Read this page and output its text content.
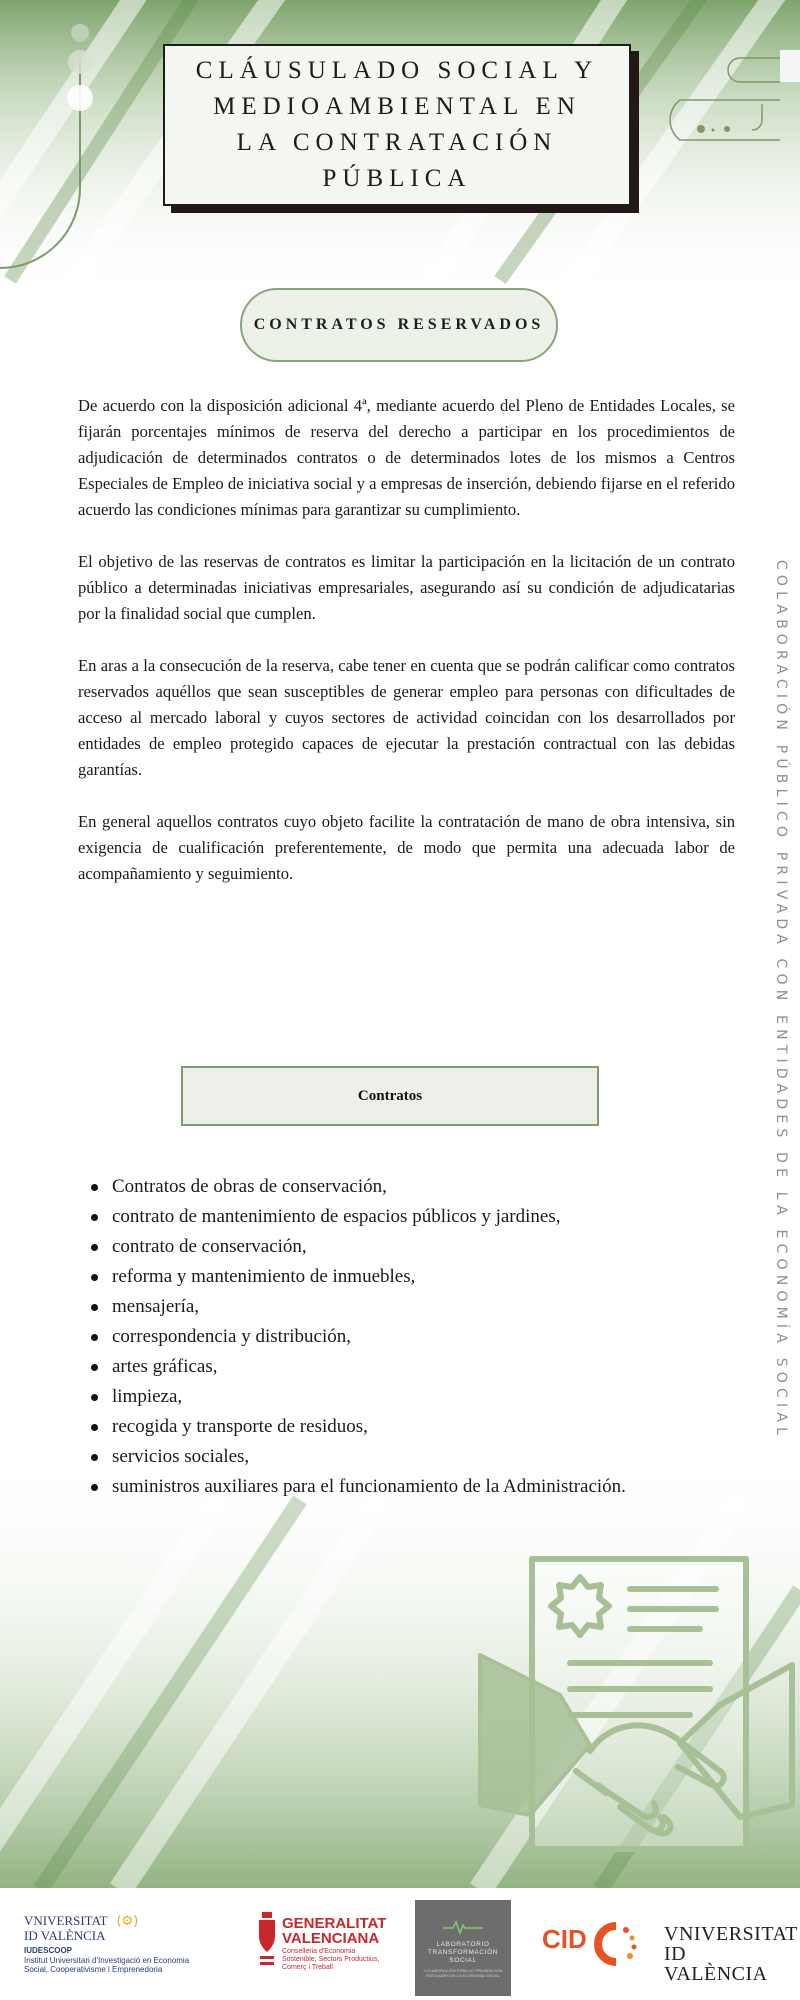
CLÁUSULADO SOCIAL Y MEDIOAMBIENTAL EN LA CONTRATACIÓN PÚBLICA
CONTRATOS RESERVADOS

De acuerdo con la disposición adicional 4ª, mediante acuerdo del Pleno de Entidades Locales, se fijarán porcentajes mínimos de reserva del derecho a participar en los procedimientos de adjudicación de determinados contratos o de determinados lotes de los mismos a Centros Especiales de Empleo de iniciativa social y a empresas de inserción, debiendo fijarse en el referido acuerdo las condiciones mínimas para garantizar su cumplimiento.

El objetivo de las reservas de contratos es limitar la participación en la licitación de un contrato público a determinadas iniciativas empresariales, asegurando así su condición de adjudicatarias por la finalidad social que cumplen.

En aras a la consecución de la reserva, cabe tener en cuenta que se podrán calificar como contratos reservados aquéllos que sean susceptibles de generar empleo para personas con dificultades de acceso al mercado laboral y cuyos sectores de actividad coincidan con los desarrollados por entidades de empleo protegido capaces de ejecutar la prestación contractual con las debidas garantías.

En general aquellos contratos cuyo objeto facilite la contratación de mano de obra intensiva, sin exigencia de cualificación preferentemente, de modo que permita una adecuada labor de acompañamiento y seguimiento.

Contratos
Contratos de obras de conservación,
contrato de mantenimiento de espacios públicos y jardines,
contrato de conservación,
reforma y mantenimiento de inmuebles,
mensajería,
correspondencia y distribución,
artes gráficas,
limpieza,
recogida y transporte de residuos,
servicios sociales,
suministros auxiliares para el funcionamiento de la Administración.
COLABORACIÓN PÚBLICO PRIVADA CON ENTIDADES DE LA ECONOMÍA SOCIAL
VNIVERSITAT (⚙)
ID VALÈNCIA
IUDESCOOP
Institut Universitari d'Investigació en Economia
Social, Cooperativisme i Emprenedoria
GENERALITAT
VALENCIANA
Conselleria d'Economia
Sostenible, Sectors Productius,
Comerç i Treball
LABORATORIO
TRANSFORMACIÓN
SOCIAL
COLABORACIÓN PÚBLICO PRIVADA CON ENTIDADES DE LA ECONOMÍA SOCIAL
CID	VNIVERSITAT
ID VALÈNCIA
